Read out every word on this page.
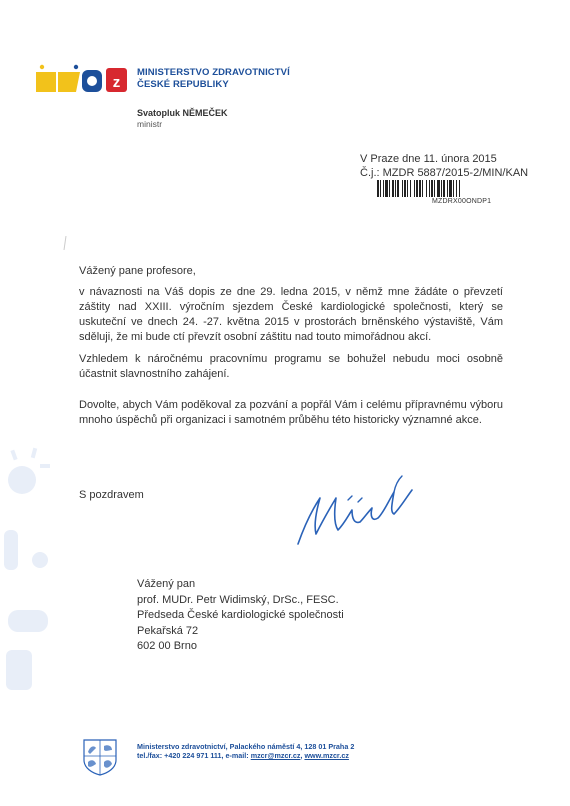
z
MINISTERSTVO ZDRAVOTNICTVÍ
ČESKÉ REPUBLIKY
Svatopluk NĚMEČEK
ministr
V Praze dne 11. února 2015
Č.j.: MZDR 5887/2015-2/MIN/KAN
MZDRX00ONDP1
Vážený pane profesore,

v návaznosti na Váš dopis ze dne 29. ledna 2015, v němž mne žádáte o převzetí záštity nad XXIII. výročním sjezdem České kardiologické společnosti, který se uskuteční ve dnech 24. -27. května 2015 v prostorách brněnského výstaviště, Vám sděluji, že mi bude ctí převzít osobní záštitu nad touto mimořádnou akcí.

Vzhledem k náročnému pracovnímu programu se bohužel nebudu moci osobně účastnit slavnostního zahájení.

Dovolte, abych Vám poděkoval za pozvání a popřál Vám i celému přípravnému výboru mnoho úspěchů při organizaci i samotném průběhu této historicky významné akce.

S pozdravem
Vážený pan
prof. MUDr. Petr Widimský, DrSc., FESC.
Předseda České kardiologické společnosti
Pekařská 72
602 00 Brno
Ministerstvo zdravotnictví, Palackého náměstí 4, 128 01 Praha 2
tel./fax: +420 224 971 111, e-mail: mzcr@mzcr.cz, www.mzcr.cz
